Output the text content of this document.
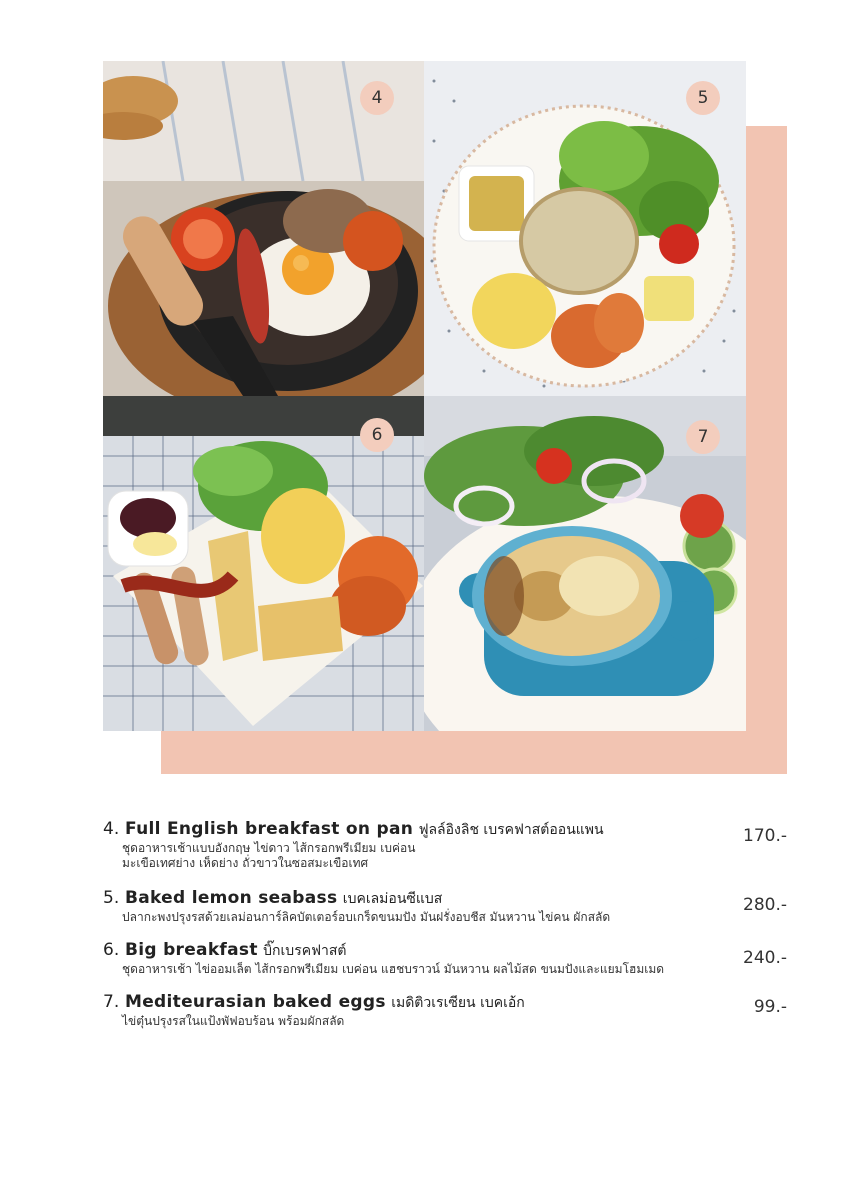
4	5
6	7
4. Full English breakfast on pan ฟูลล์อิงลิช เบรคฟาสต์ออนแพน
ชุดอาหารเช้าแบบอังกฤษ ไข่ดาว ไส้กรอกพรีเมียม เบค่อน มะเขือเทศย่าง เห็ดย่าง ถั่วขาวในซอสมะเขือเทศ
170.-
5. Baked lemon seabass เบคเลม่อนซีแบส
ปลากะพงปรุงรสด้วยเลม่อนการ์ลิคบัตเตอร์อบเกร็ดขนมปัง มันฝรั่งอบชีส มันหวาน ไข่คน ผักสลัด
280.-
6. Big breakfast บิ๊กเบรคฟาสต์
ชุดอาหารเช้า ไข่ออมเล็ต ไส้กรอกพรีเมียม เบค่อน แฮชบราวน์ มันหวาน ผลไม้สด ขนมปังและแยมโฮมเมด
240.-
7. Mediteurasian baked eggs เมดิติวเรเซียน เบคเอ้ก
ไข่ตุ๋นปรุงรสในแป้งพัฟอบร้อน พร้อมผักสลัด
99.-
